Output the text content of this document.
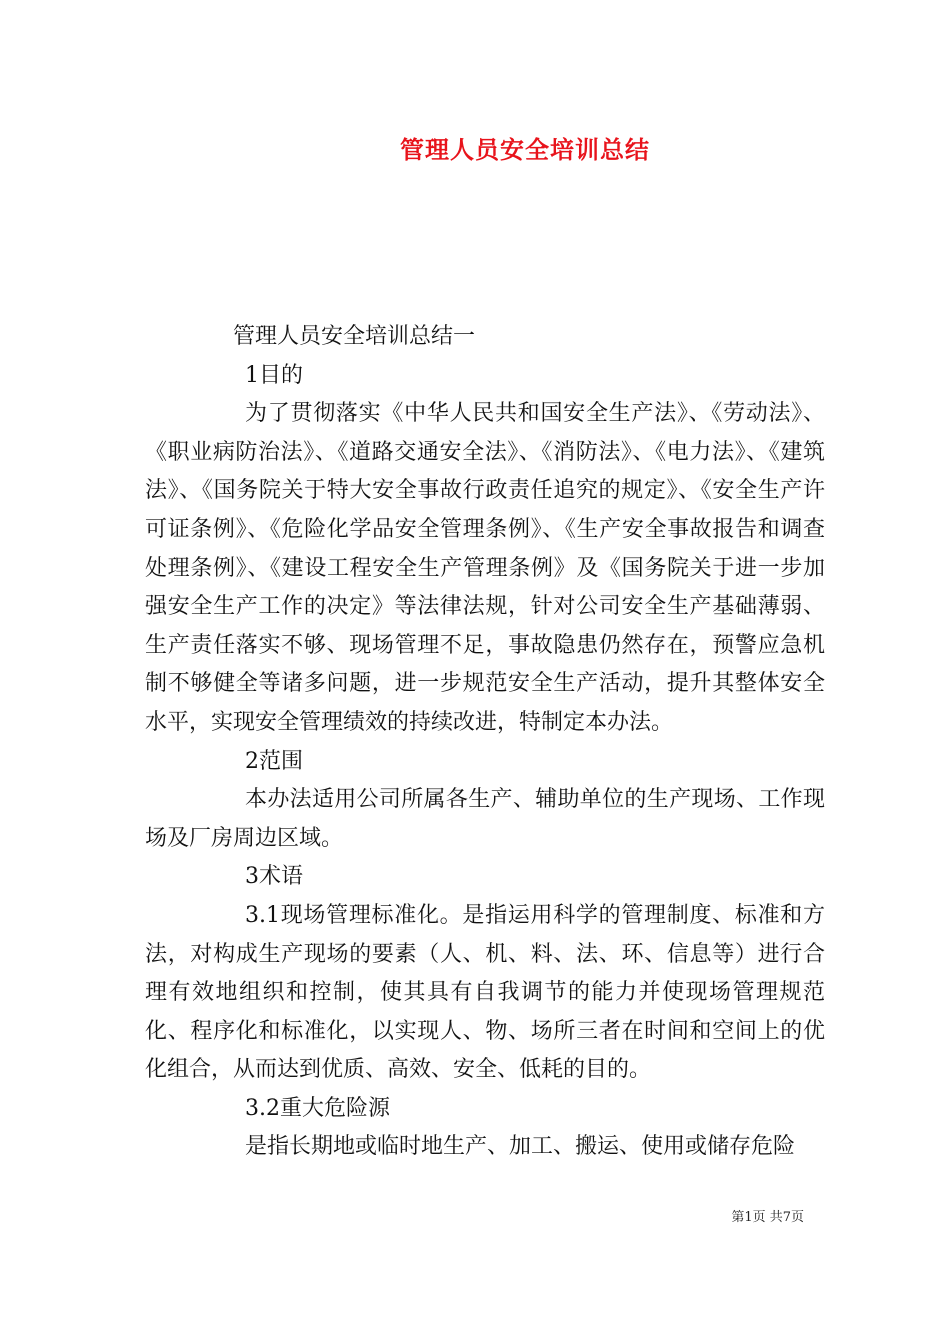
管理人员安全培训总结

管理人员安全培训总结一

1目的

为了贯彻落实《中华人民共和国安全生产法》、《劳动法》、《职业病防治法》、《道路交通安全法》、《消防法》、《电力法》、《建筑法》、《国务院关于特大安全事故行政责任追究的规定》、《安全生产许可证条例》、《危险化学品安全管理条例》、《生产安全事故报告和调查处理条例》、《建设工程安全生产管理条例》及《国务院关于进一步加强安全生产工作的决定》等法律法规，针对公司安全生产基础薄弱、生产责任落实不够、现场管理不足，事故隐患仍然存在，预警应急机制不够健全等诸多问题，进一步规范安全生产活动，提升其整体安全水平，实现安全管理绩效的持续改进，特制定本办法。

2范围

本办法适用公司所属各生产、辅助单位的生产现场、工作现场及厂房周边区域。

3术语

3.1现场管理标准化。是指运用科学的管理制度、标准和方法，对构成生产现场的要素（人、机、料、法、环、信息等）进行合理有效地组织和控制，使其具有自我调节的能力并使现场管理规范化、程序化和标准化，以实现人、物、场所三者在时间和空间上的优化组合，从而达到优质、高效、安全、低耗的目的。

3.2重大危险源

是指长期地或临时地生产、加工、搬运、使用或储存危险

第1页 共7页
